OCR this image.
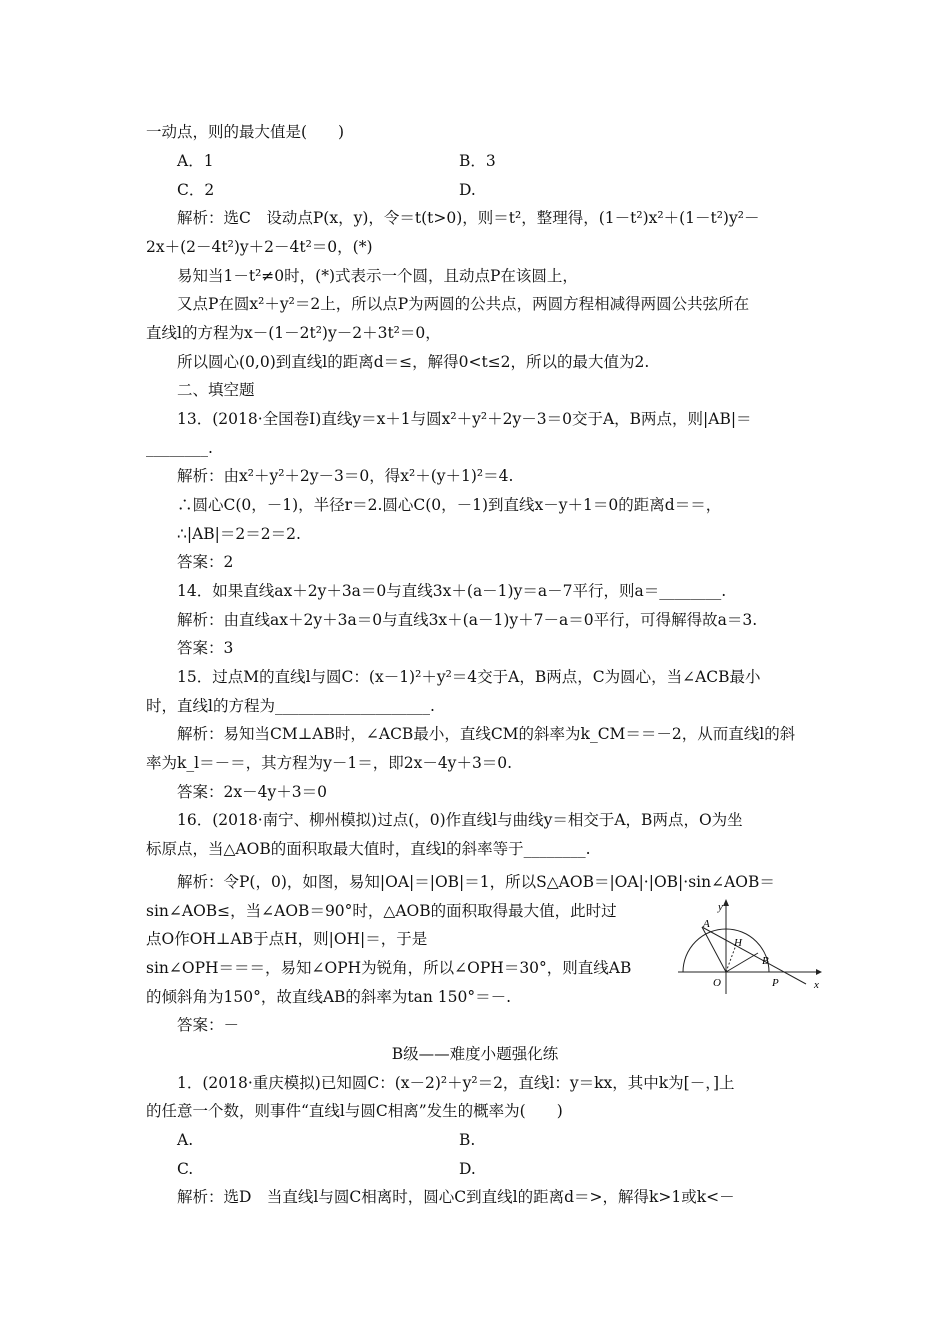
一动点，则的最大值是(　　)
A．1	B．3
C．2	D.
解析：选C　设动点P(x，y)，令＝t(t>0)，则＝t²，整理得，(1－t²)x²＋(1－t²)y²－
2x＋(2－4t²)y＋2－4t²＝0，(*)
易知当1－t²≠0时，(*)式表示一个圆，且动点P在该圆上，
又点P在圆x²＋y²＝2上，所以点P为两圆的公共点，两圆方程相减得两圆公共弦所在
直线l的方程为x－(1－2t²)y－2＋3t²＝0，
所以圆心(0,0)到直线l的距离d＝≤，解得0<t≤2，所以的最大值为2.
二、填空题
13．(2018·全国卷Ⅰ)直线y＝x＋1与圆x²＋y²＋2y－3＝0交于A，B两点，则|AB|＝
________.
解析：由x²＋y²＋2y－3＝0，得x²＋(y＋1)²＝4.
∴圆心C(0，－1)，半径r＝2.圆心C(0，－1)到直线x－y＋1＝0的距离d＝＝，
∴|AB|＝2＝2＝2.
答案：2
14．如果直线ax＋2y＋3a＝0与直线3x＋(a－1)y＝a－7平行，则a＝________.
解析：由直线ax＋2y＋3a＝0与直线3x＋(a－1)y＋7－a＝0平行，可得解得故a＝3.
答案：3
15．过点M的直线l与圆C：(x－1)²＋y²＝4交于A，B两点，C为圆心，当∠ACB最小
时，直线l的方程为____________________.
解析：易知当CM⊥AB时，∠ACB最小，直线CM的斜率为k_CM＝＝－2，从而直线l的斜
率为k_l＝－＝，其方程为y－1＝，即2x－4y＋3＝0.
答案：2x－4y＋3＝0
16．(2018·南宁、柳州模拟)过点(，0)作直线l与曲线y＝相交于A，B两点，O为坐
标原点，当△AOB的面积取最大值时，直线l的斜率等于________.
解析：令P(，0)，如图，易知|OA|＝|OB|＝1，所以S△AOB＝|OA|·|OB|·sin∠AOB＝
sin∠AOB≤，当∠AOB＝90°时，△AOB的面积取得最大值，此时过
点O作OH⊥AB于点H，则|OH|＝，于是
sin∠OPH＝＝＝，易知∠OPH为锐角，所以∠OPH＝30°，则直线AB
的倾斜角为150°，故直线AB的斜率为tan 150°＝－.
答案：－
y
x
A
H
B
O	P
B级——难度小题强化练
1．(2018·重庆模拟)已知圆C：(x－2)²＋y²＝2，直线l：y＝kx，其中k为[－，]上
的任意一个数，则事件“直线l与圆C相离”发生的概率为(　　)
A.	B.
C.	D.
解析：选D　当直线l与圆C相离时，圆心C到直线l的距离d＝>，解得k>1或k<－
